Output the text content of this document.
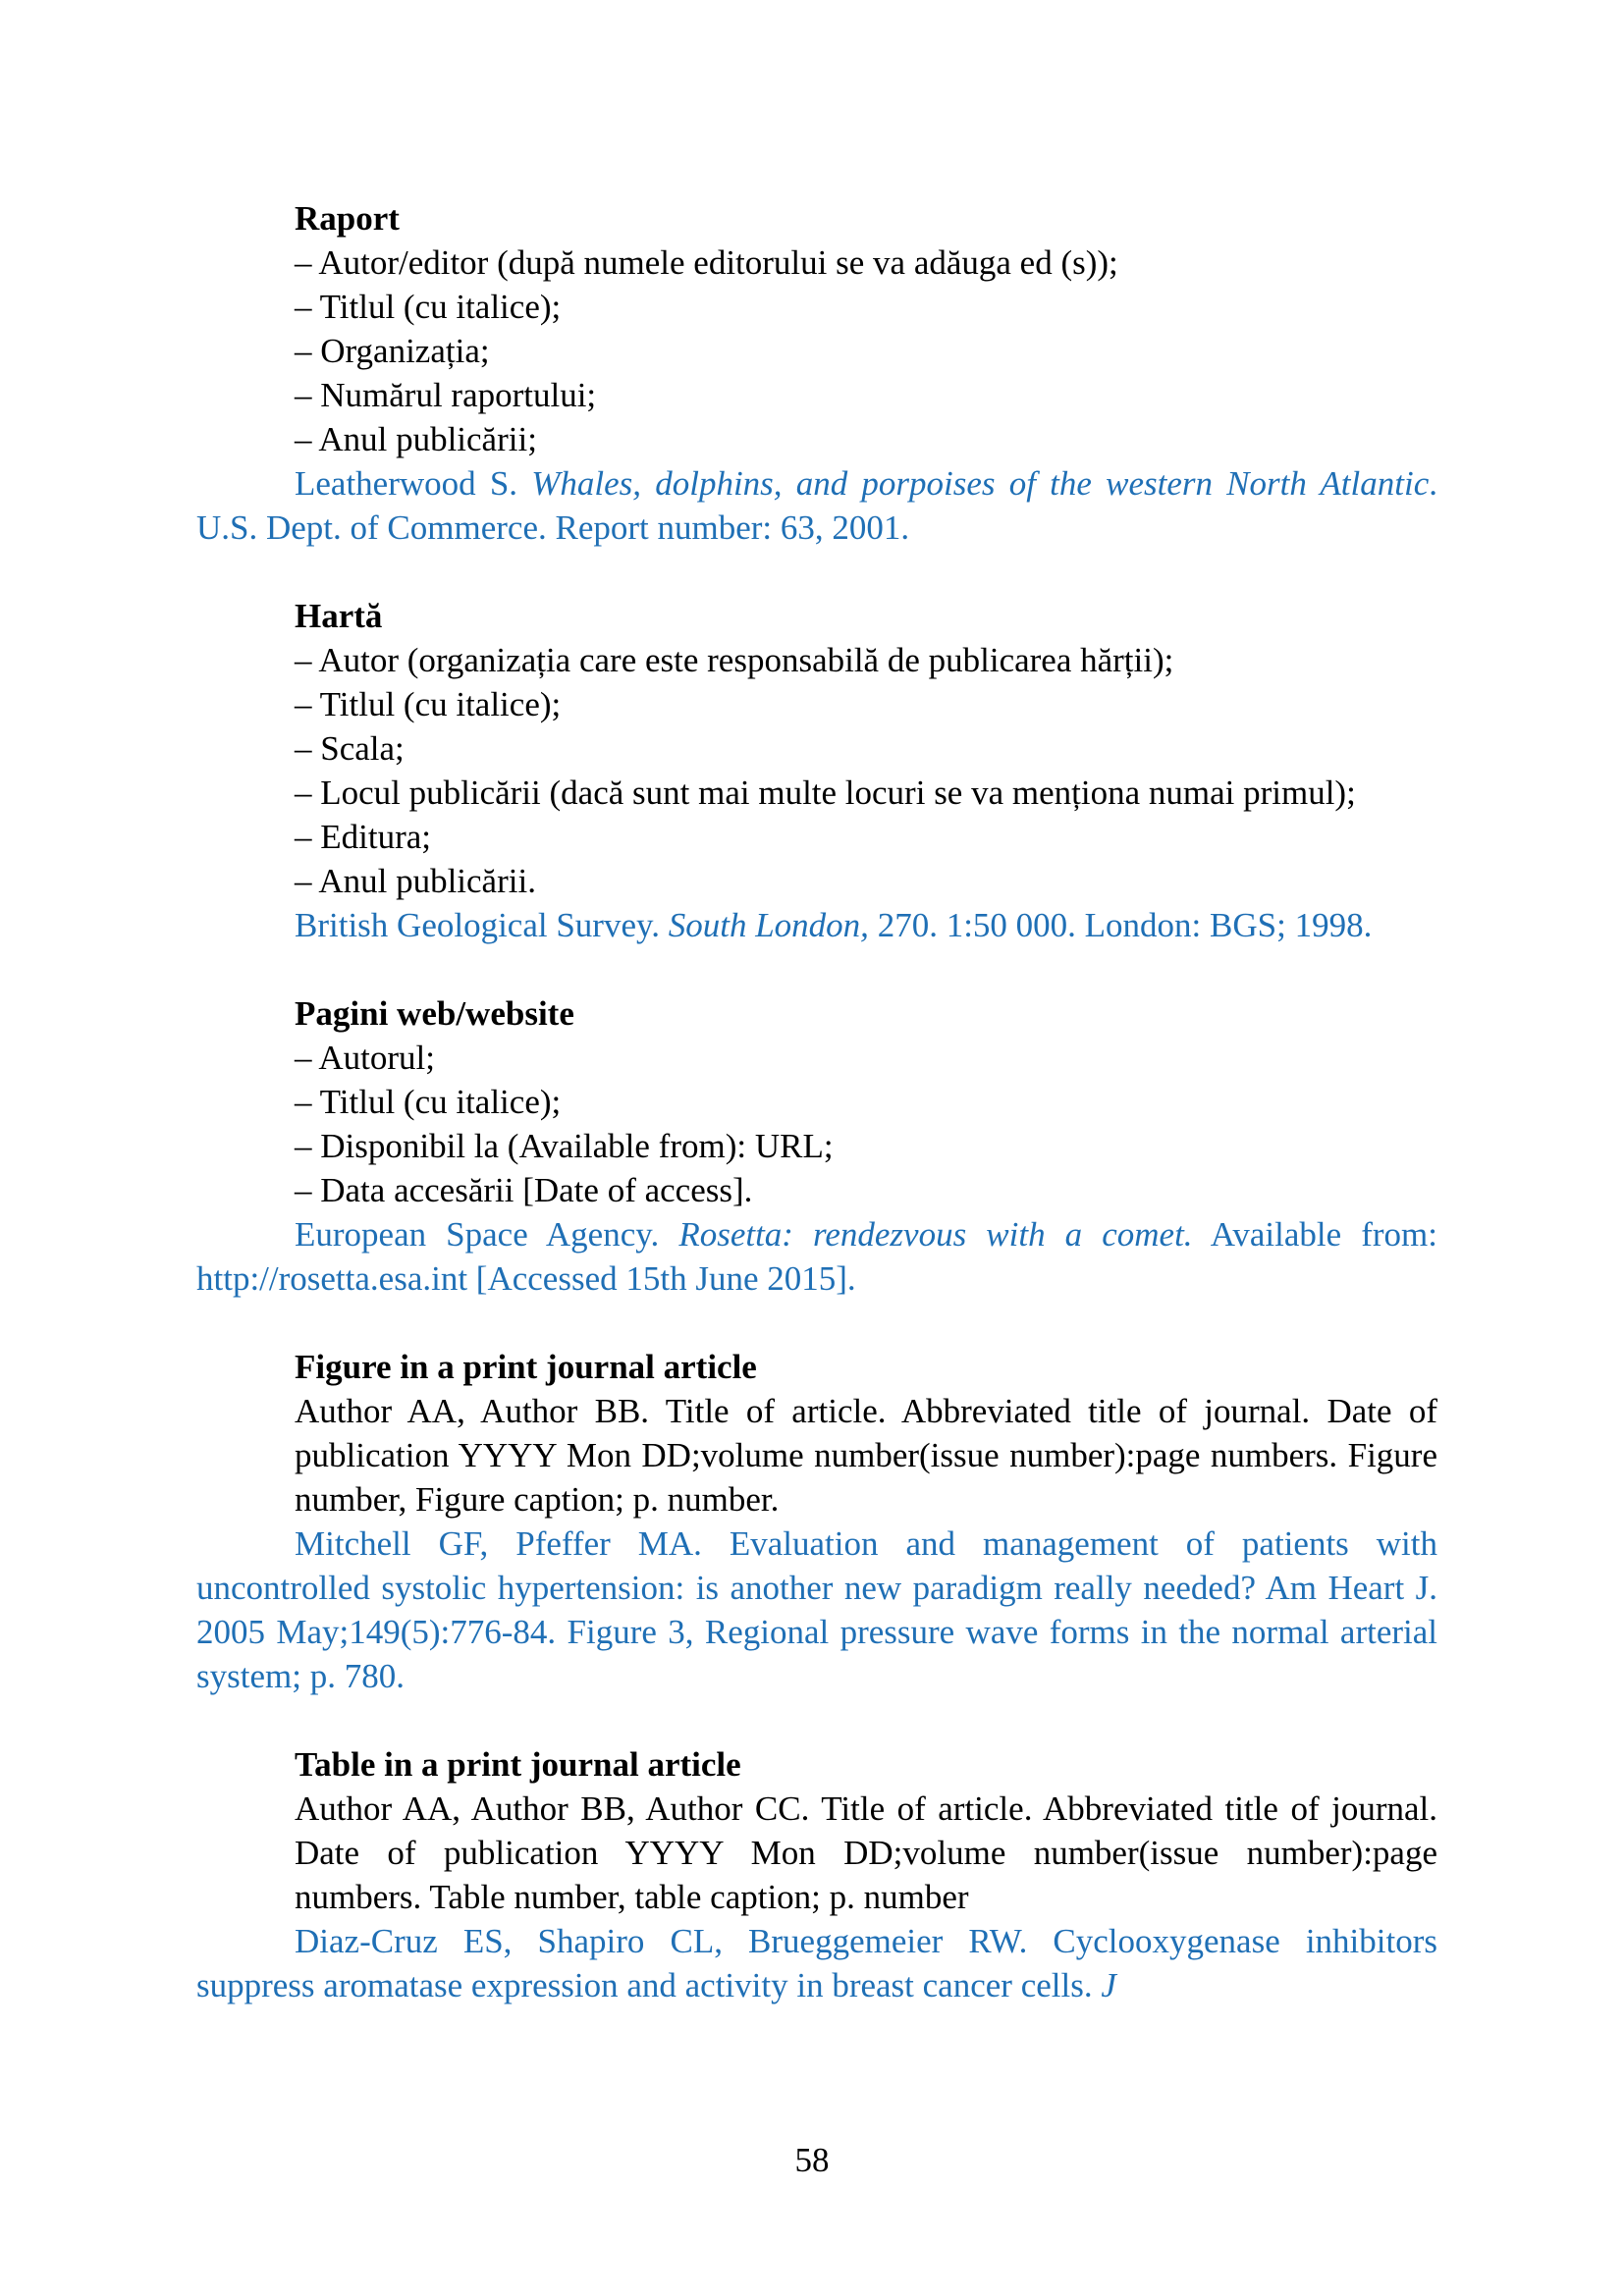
Raport

– Autor/editor (după numele editorului se va adăuga ed (s));

– Titlul (cu italice);

– Organizația;

– Numărul raportului;

– Anul publicării;

Leatherwood S. Whales, dolphins, and porpoises of the western North Atlantic. U.S. Dept. of Commerce. Report number: 63, 2001.

Hartă

– Autor (organizația care este responsabilă de publicarea hărții);

– Titlul (cu italice);

– Scala;

– Locul publicării (dacă sunt mai multe locuri se va menționa numai primul);

– Editura;

– Anul publicării.

British Geological Survey. South London, 270. 1:50 000. London: BGS; 1998.

Pagini web/website

– Autorul;

– Titlul (cu italice);

– Disponibil la (Available from): URL;

– Data accesării [Date of access].

European Space Agency. Rosetta: rendezvous with a comet. Available from: http://rosetta.esa.int [Accessed 15th June 2015].

Figure in a print journal article

Author AA, Author BB. Title of article. Abbreviated title of journal. Date of publication YYYY Mon DD;volume number(issue number):page numbers. Figure number, Figure caption; p. number.

Mitchell GF, Pfeffer MA. Evaluation and management of patients with uncontrolled systolic hypertension: is another new paradigm really needed? Am Heart J. 2005 May;149(5):776-84. Figure 3, Regional pressure wave forms in the normal arterial system; p. 780.

Table in a print journal article

Author AA, Author BB, Author CC. Title of article. Abbreviated title of journal. Date of publication YYYY Mon DD;volume number(issue number):page numbers. Table number, table caption; p. number

Diaz-Cruz ES, Shapiro CL, Brueggemeier RW. Cyclooxygenase inhibitors suppress aromatase expression and activity in breast cancer cells. J

58
